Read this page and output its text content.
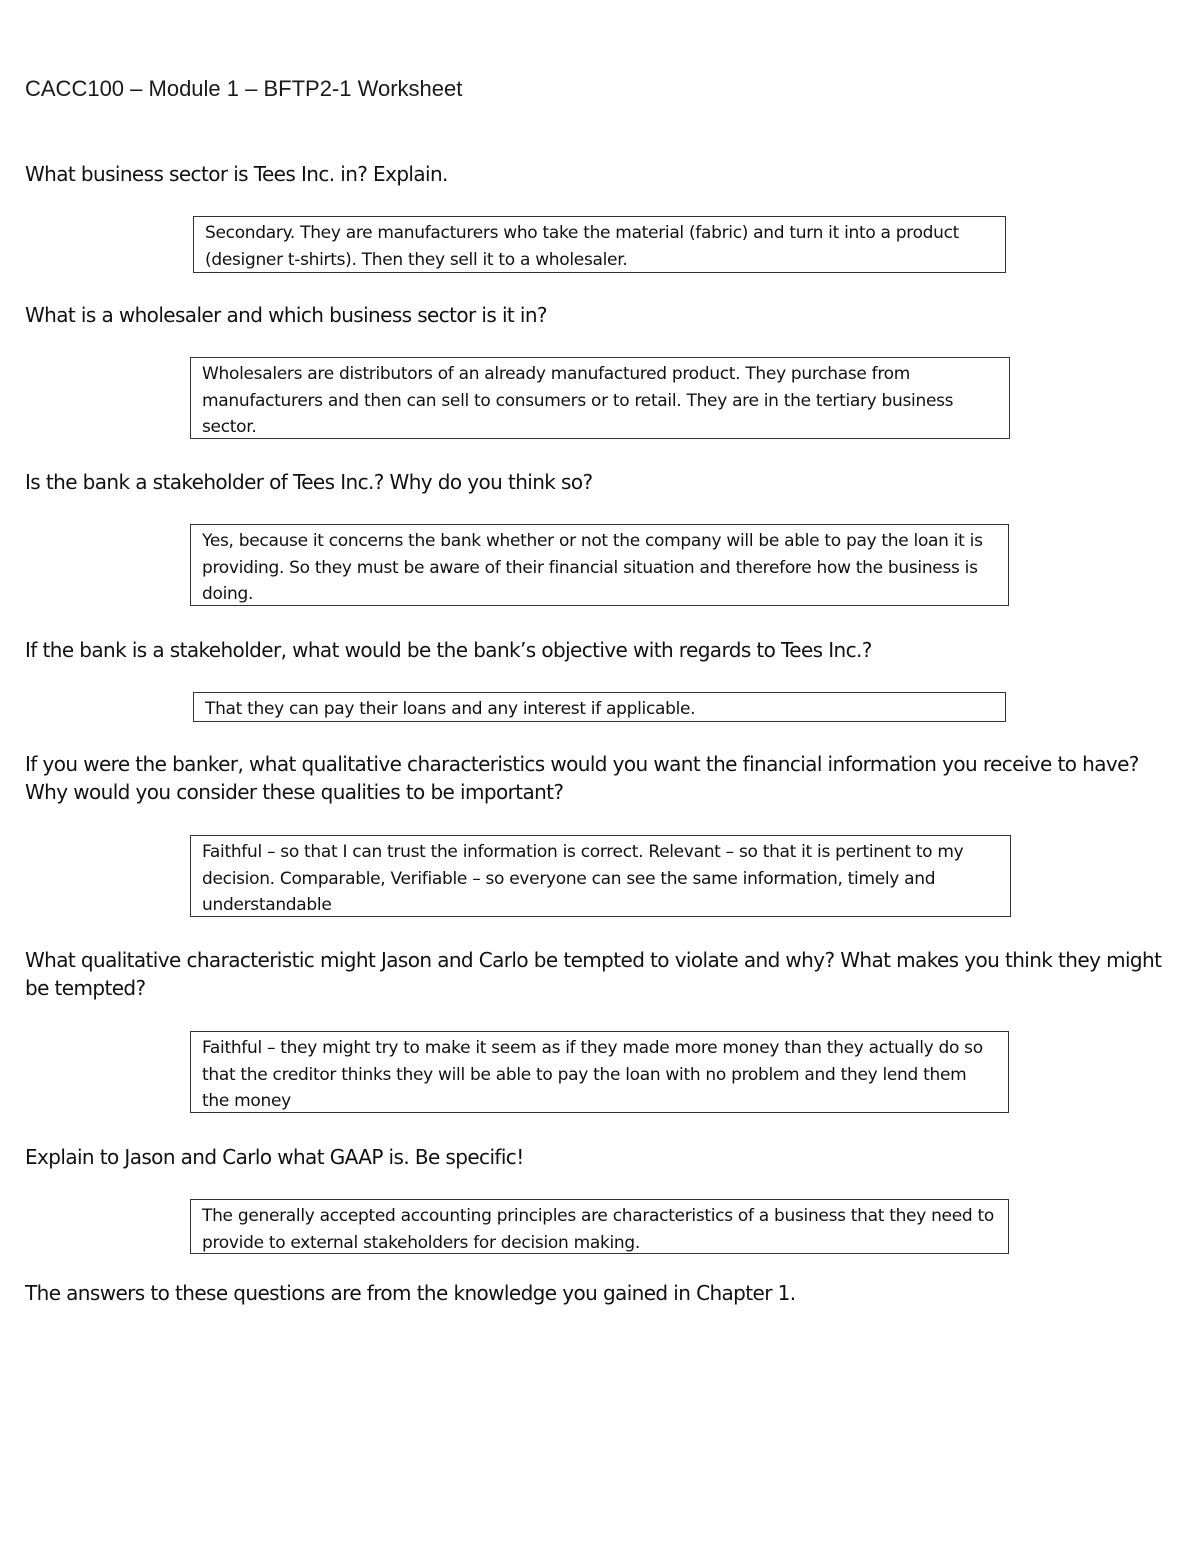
CACC100 – Module 1 – BFTP2-1 Worksheet
What business sector is Tees Inc. in? Explain.
Secondary. They are manufacturers who take the material (fabric) and turn it into a product (designer t-shirts). Then they sell it to a wholesaler.
What is a wholesaler and which business sector is it in?
Wholesalers are distributors of an already manufactured product. They purchase from manufacturers and then can sell to consumers or to retail. They are in the tertiary business sector.
Is the bank a stakeholder of Tees Inc.? Why do you think so?
Yes, because it concerns the bank whether or not the company will be able to pay the loan it is providing. So they must be aware of their financial situation and therefore how the business is doing.
If the bank is a stakeholder, what would be the bank’s objective with regards to Tees Inc.?
That they can pay their loans and any interest if applicable.
If you were the banker, what qualitative characteristics would you want the financial information you receive to have? Why would you consider these qualities to be important?
Faithful – so that I can trust the information is correct. Relevant – so that it is pertinent to my decision. Comparable, Verifiable – so everyone can see the same information, timely and understandable
What qualitative characteristic might Jason and Carlo be tempted to violate and why? What makes you think they might be tempted?
Faithful – they might try to make it seem as if they made more money than they actually do so that the creditor thinks they will be able to pay the loan with no problem and they lend them the money
Explain to Jason and Carlo what GAAP is. Be specific!
The generally accepted accounting principles are characteristics of a business that they need to provide to external stakeholders for decision making.
The answers to these questions are from the knowledge you gained in Chapter 1.
